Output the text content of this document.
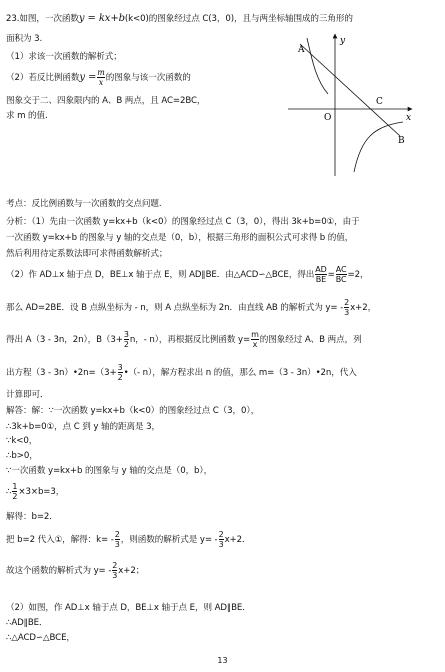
23.如图，一次函数y = kx+b(k<0)的图象经过点 C(3，0)，且与两坐标轴围成的三角形的
面积为 3.
（1）求该一次函数的解析式；
（2）若反比例函数$y = \frac{m}{x}$ 的图象与该一次函数的
图象交于二、四象限内的 A、B 两点，且 AC=2BC，
求 m 的值.
A
y
C
O	x
B
考点：反比例函数与一次函数的交点问题.
分析：（1）先由一次函数 y=kx+b（k<0）的图象经过点 C（3，0），得出 3k+b=0①，由于
一次函数 y=kx+b 的图象与 y 轴的交点是（0，b），根据三角形的面积公式可求得 b 的值，
然后利用待定系数法即可求得函数解析式；
（2）作 AD⊥x 轴于点 D，BE⊥x 轴于点 E，则 AD∥BE．由△ACD∽△BCE，得出 $\frac{AD}{BE} = \frac{AC}{BC} =2$，
那么 AD=2BE．设 B 点纵坐标为 - n，则 A 点纵坐标为 2n．由直线 AB 的解析式为 $y= - \frac{2}{3} x+2$，
得出 A（3 - 3n，2n），$B(3+ \frac{3}{2}$ n，- n），再根据反比例函数 $y= \frac{m}{x}$ 的图象经过 A、B 两点，列
出方程（3 - 3n）•2n=（3+ $\frac{3}{2}$ •（- n），解方程求出 n 的值，那么 m=（3 - 3n）•2n，代入
计算即可．
解答：解：∵一次函数 y=kx+b（k<0）的图象经过点 C（3，0），
∴3k+b=0①，点 C 到 y 轴的距离是 3，
∵k<0，
∴b>0，
∵一次函数 y=kx+b 的图象与 y 轴的交点是（0，b），
∴ $\frac{1}{2} \times 3\times b=3$，
解得：b=2．
把 b=2 代入①，解得：$k= - \frac{2}{3}$ ，则函数的解析式是 $y= - \frac{2}{3} x+2$．
故这个函数的解析式为 $y= - \frac{2}{3} x+2$；
（2）如图，作 AD⊥x 轴于点 D，BE⊥x 轴于点 E，则 AD∥BE．
∴AD∥BE．
∴△ACD∽△BCE，
13
